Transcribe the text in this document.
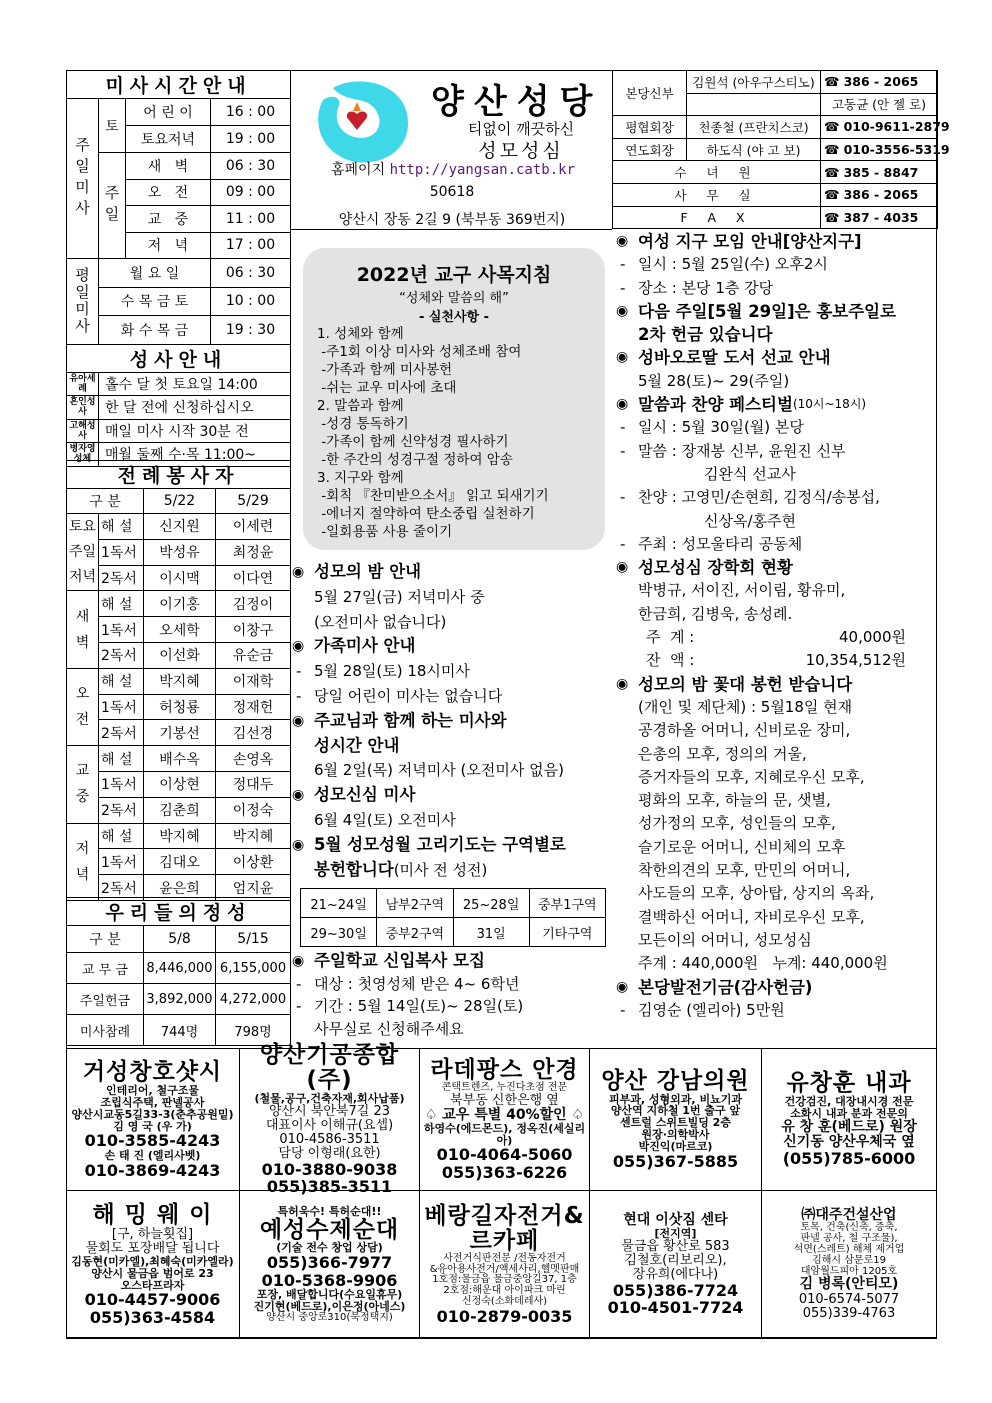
미사시간안내			
주일미사	토	어 린 이	16 : 00
		토요저녁	19 : 00
	주일	새   벽	06 : 30
		오   전	09 : 00
		교   중	11 : 00
		저   녁	17 : 00
평일미사	월 요 일		06 : 30
	수 목 금 토		10 : 00
	화 수 목 금		19 : 30
성사안내			
유아세례	홀수 달 첫 토요일 14:00		
혼인성사	한 달 전에 신청하십시오		
고해성사	매일 미사 시작 30분 전		
병자영성체	매월 둘째 수·목 11:00~		
전례봉사자			
구 분		5/22	5/29
토요주일저녁	해 설	신지원	이세련
	1독서	박성유	최정윤
	2독서	이시맥	이다연
새벽	해 설	이기홍	김정이
	1독서	오세학	이창구
	2독서	이선화	유순금
오전	해 설	박지혜	이재학
	1독서	허청룡	정재헌
	2독서	기봉선	김선경
교중	해 설	배수옥	손영옥
	1독서	이상현	정대두
	2독서	김춘희	이정숙
저녁	해 설	박지혜	박지혜
	1독서	김대오	이상환
	2독서	윤은희	엄지윤
우리들의정성		
구 분	5/8	5/15
교 무 금	8,446,000	6,155,000
주일헌금	3,892,000	4,272,000
미사참례	744명	798명
양산성당
티없이 깨끗하신
성모성심
홈페이지 http://yangsan.catb.kr
50618
양산시 장동 2길 9 (북부동 369번지)
본당신부	김원석 (아우구스티노)	☎ 386 - 2065	
		고동균 (안 젤 로)	
평협회장	천종철 (프란치스코)	☎ 010-9611-2879	
연도회장	하도식 (야 고 보)	☎ 010-3556-5319	
수 녀 원		☎ 385 - 8847	
사 무 실		☎ 386 - 2065	
F A X		☎ 387 - 4035	
2022년 교구 사목지침
“성체와 말씀의 해”
- 실천사항 -
1. 성체와 함께
-주1회 이상 미사와 성체조배 참여
-가족과 함께 미사봉헌
-쉬는 교우 미사에 초대
2. 말씀과 함께
-성경 통독하기
-가족이 함께 신약성경 필사하기
-한 주간의 성경구절 정하여 암송
3. 지구와 함께
-회칙 『찬미받으소서』 읽고 되새기기
-에너지 절약하여 탄소중립 실천하기
-일회용품 사용 줄이기
◉ 성모의 밤 안내
5월 27일(금) 저녁미사 중
(오전미사 없습니다)
◉ 가족미사 안내
- 5월 28일(토) 18시미사
- 당일 어린이 미사는 없습니다
◉ 주교님과 함께 하는 미사와
성시간 안내
6월 2일(목) 저녁미사 (오전미사 없음)
◉ 성모신심 미사
6월 4일(토) 오전미사
◉ 5월 성모성월 고리기도는 구역별로
봉헌합니다 (미사 전 성전)
21~24일	남부2구역	25~28일	중부1구역
29~30일	중부2구역	31일	기타구역
◉ 주일학교 신입복사 모집
- 대상 : 첫영성체 받은 4~ 6학년
- 기간 : 5월 14일(토)~ 28일(토)
사무실로 신청해주세요
◉ 여성 지구 모임 안내[양산지구]
- 일시 : 5월 25일(수) 오후2시
- 장소 : 본당 1층 강당
◉ 다음 주일[5월 29일]은 홍보주일로
2차 헌금 있습니다
◉ 성바오로딸 도서 선교 안내
5월 28(토)~ 29(주일)
◉ 말씀과 찬양 페스티벌 (10시~18시)
- 일시 : 5월 30일(월) 본당
- 말씀 : 장재봉 신부, 윤원진 신부
김완식 선교사
- 찬양 : 고영민/손현희, 김정식/송봉섭,
신상옥/홍주현
- 주최 : 성모울타리 공동체
◉ 성모성심 장학회 현황
박병규, 서이진, 서이림, 황유미,
한금희, 김병욱, 송성례.
주  계 :	40,000원
잔  액 :	10,354,512원
◉ 성모의 밤 꽃대 봉헌 받습니다
(개인 및 제단체) : 5월18일 현재
공경하올 어머니, 신비로운 장미,
은총의 모후, 정의의 거울,
증거자들의 모후, 지혜로우신 모후,
평화의 모후, 하늘의 문, 샛별,
성가정의 모후, 성인들의 모후,
슬기로운 어머니, 신비체의 모후
착한의견의 모후, 만민의 어머니,
사도들의 모후, 상아탑, 상지의 옥좌,
결백하신 어머니, 자비로우신 모후,
모든이의 어머니, 성모성심
주계 : 440,000원   누계: 440,000원
◉ 본당발전기금(감사헌금)
- 김영순 (엘리아) 5만원
거성창호샷시
인테리어, 철구조물
조립식주택, 판넬공사
양산시교동5길33-3(춘추공원밑)
김 영 국 (우 가)
010-3585-4243
손 태 진 (엘리사벳)
010-3869-4243
양산기공종합(주)
(철물,공구,건축자재,회사납품)
양산시 북안북7길 23
대표이사 이해규(요셉)
010-4586-3511
담당 이형래(요한)
010-3880-9038
055)385-3511
라데팡스 안경
콘택트렌즈, 누진다초점 전문
북부동 신한은행 옆
♤ 교우 특별 40%할인 ♤
하영수(에드몬드), 정옥진(세실리아)
010-4064-5060
055)363-6226
양산 강남의원
피부과, 성형외과, 비뇨기과
양산역 지하철 1번 출구 앞
센트럴 스위트빌딩 2층
원장·의학박사
박진익(마르코)
055)367-5885
유창훈 내과
건강검진, 대장내시경 전문
소화시 내과 분과 전문의
유 창 훈(베드로) 원장
신기동 양산우체국 옆
(055)785-6000
해 밍 웨 이
[구, 하늘횟집]
물회도 포장배달 됩니다
김동현(미카엘),최혜숙(미카엘라)
양산시 물금읍 범어로 23
오스타프라자
010-4457-9006
055)363-4584
특허욱수! 특허순대!!
예성수제순대
(기술 전수 창업 상담)
055)366-7977
010-5368-9906
포장, 배달합니다(수요일휴무)
진기현(베드로),이은정(아네스)
양산시 중앙로310(북정택지)
베랑길자전거&
르카페
사전거식판전문 /전동자전거
&유아용사전거/액세사리,헬멧판매
1호점:물금읍 물금중앙길37, 1층
2호점:해운대 아이파크 마린
신정숙(소화데레사)
010-2879-0035
현대 이삿짐 센타
[전지역]
물금읍 황산로 583
김철호(리보리오),
장유희(에다나)
055)386-7724
010-4501-7724
㈜대주건설산업
토목, 건축(신축, 증축,
판넬 공사, 철 구조물),
석면(스레트) 해체 제거업
김해시 삼문로19
대암월드피아 1205호
김 병록(안티모)
010-6574-5077
055)339-4763
